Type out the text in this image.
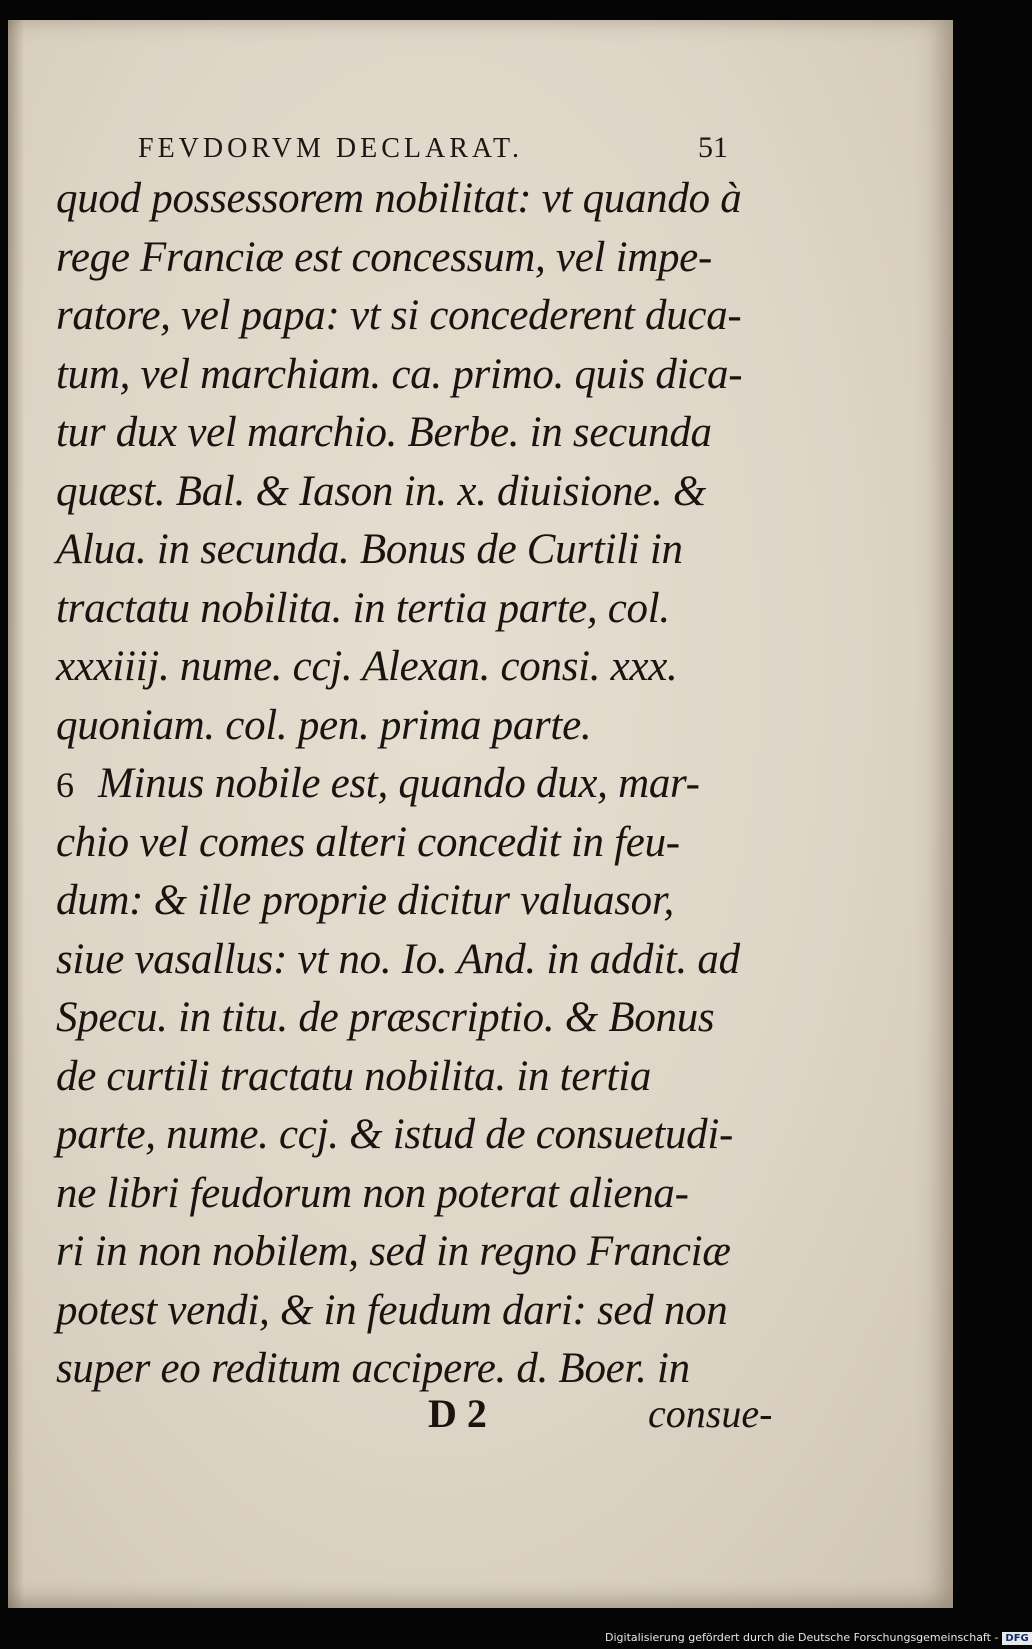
FEVDORVM DECLARAT.	51
quod possessorem nobilitat: vt quando à
rege Franciæ est concessum, vel impe-
ratore, vel papa: vt si concederent duca-
tum, vel marchiam. ca. primo. quis dica-
tur dux vel marchio. Berbe. in secunda
quæst. Bal. & Iason in. x. diuisione. &
Alua. in secunda. Bonus de Curtili in
tractatu nobilita. in tertia parte, col.
xxxiiij. nume. ccj. Alexan. consi. xxx.
quoniam. col. pen. prima parte.
6 Minus nobile est, quando dux, mar-
chio vel comes alteri concedit in feu-
dum: & ille proprie dicitur valuasor,
siue vasallus: vt no. Io. And. in addit. ad
Specu. in titu. de præscriptio. & Bonus
de curtili tractatu nobilita. in tertia
parte, nume. ccj. & istud de consuetudi-
ne libri feudorum non poterat aliena-
ri in non nobilem, sed in regno Franciæ
potest vendi, & in feudum dari: sed non
super eo reditum accipere. d. Boer. in
D 2	consue-
Digitalisierung gefördert durch die Deutsche Forschungsgemeinschaft - DFG
